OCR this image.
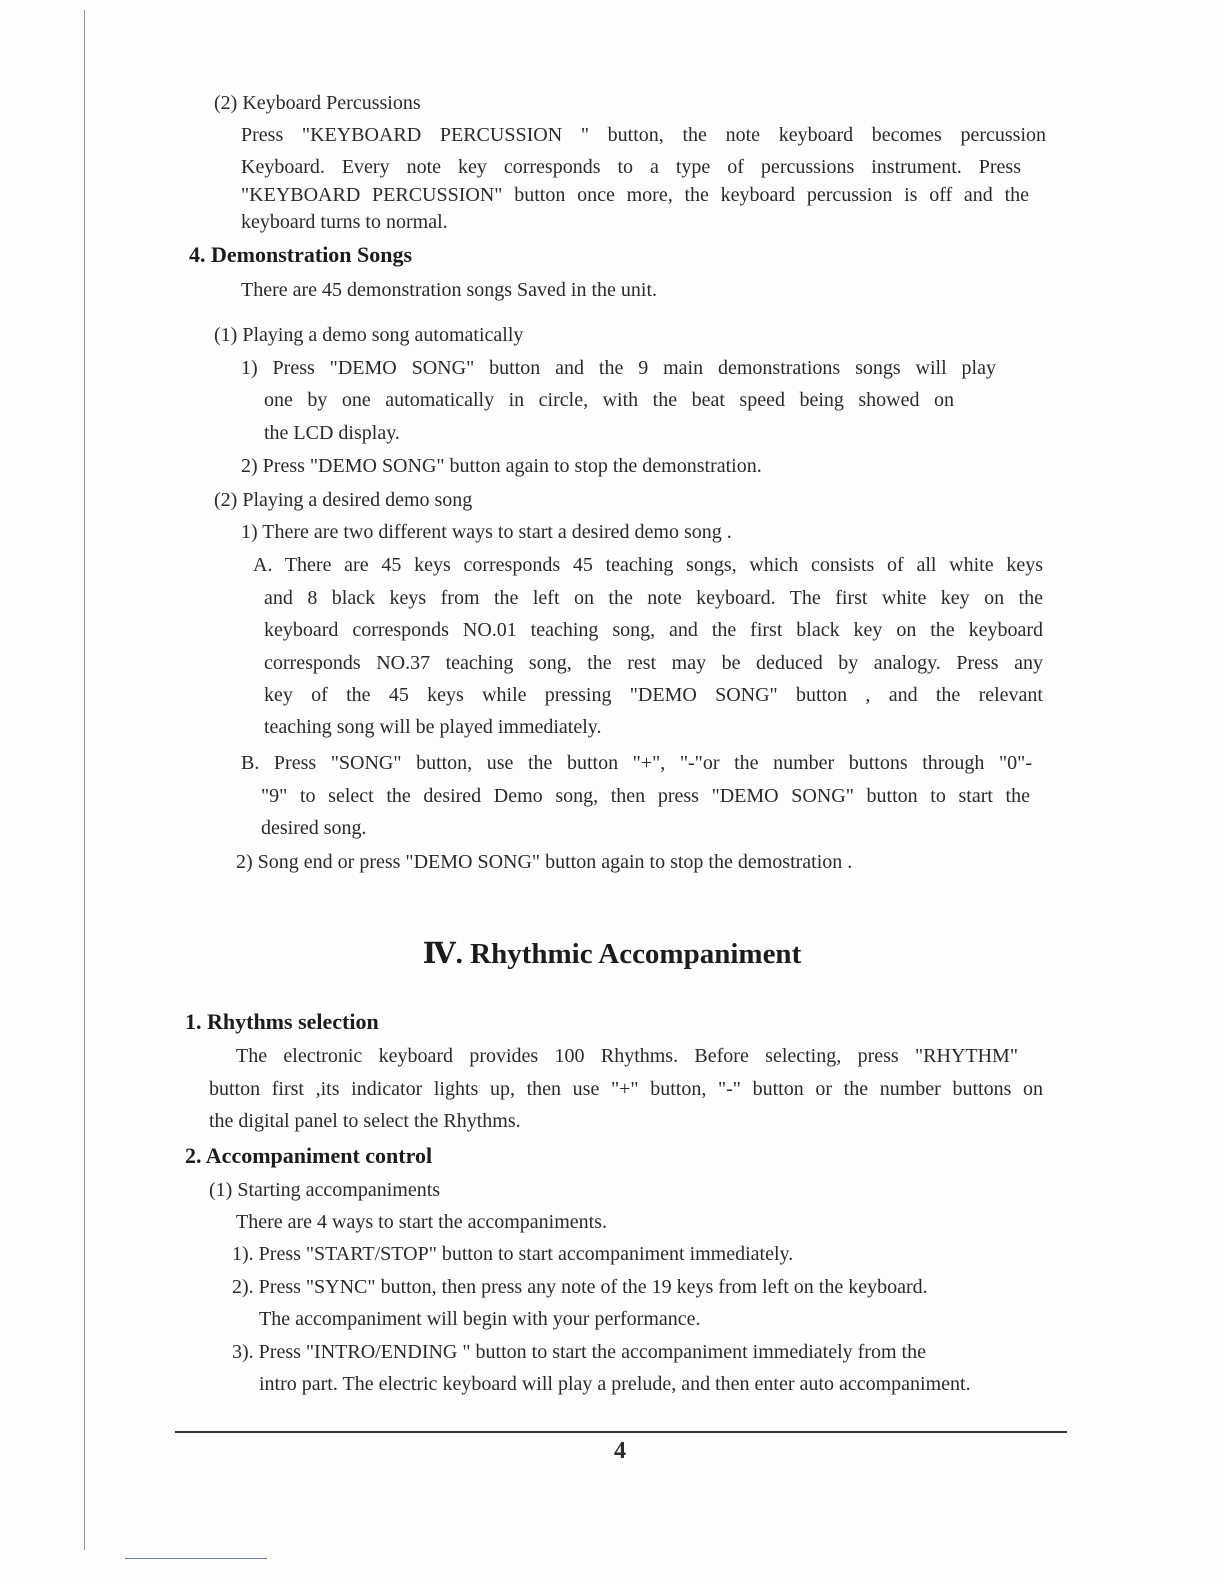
(2) Keyboard Percussions
Press "KEYBOARD PERCUSSION " button, the note keyboard becomes percussion
Keyboard. Every note key corresponds to a type of percussions instrument. Press
"KEYBOARD PERCUSSION" button once more, the keyboard percussion is off and the
keyboard turns to normal.
4. Demonstration Songs
There are 45 demonstration songs Saved in the unit.
(1) Playing a demo song automatically
1) Press "DEMO SONG" button and the 9 main demonstrations songs will play
one by one automatically in circle, with the beat speed being showed on
the LCD display.
2) Press "DEMO SONG" button again to stop the demonstration.
(2) Playing a desired demo song
1) There are two different ways to start a desired demo song .
A. There are 45 keys corresponds 45 teaching songs, which consists of all white keys
and 8 black keys from the left on the note keyboard. The first white key on the
keyboard corresponds NO.01 teaching song, and the first black key on the keyboard
corresponds NO.37 teaching song, the rest may be deduced by analogy. Press any
key of the 45 keys while pressing "DEMO SONG" button , and the relevant
teaching song will be played immediately.
B. Press "SONG" button, use the button "+", "-"or the number buttons through "0"-
"9" to select the desired Demo song, then press "DEMO SONG" button to start the
desired song.
2) Song end or press "DEMO SONG" button again to stop the demostration .
Ⅳ. Rhythmic Accompaniment
1. Rhythms selection
The electronic keyboard provides 100 Rhythms. Before selecting, press "RHYTHM"
button first ,its indicator lights up, then use "+" button, "-" button or the number buttons on
the digital panel to select the Rhythms.
2. Accompaniment control
(1) Starting accompaniments
There are 4 ways to start the accompaniments.
1). Press "START/STOP" button to start accompaniment immediately.
2). Press "SYNC" button, then press any note of the 19 keys from left on the keyboard.
The accompaniment will begin with your performance.
3). Press "INTRO/ENDING " button to start the accompaniment immediately from the
intro part. The electric keyboard will play a prelude, and then enter auto accompaniment.
4
